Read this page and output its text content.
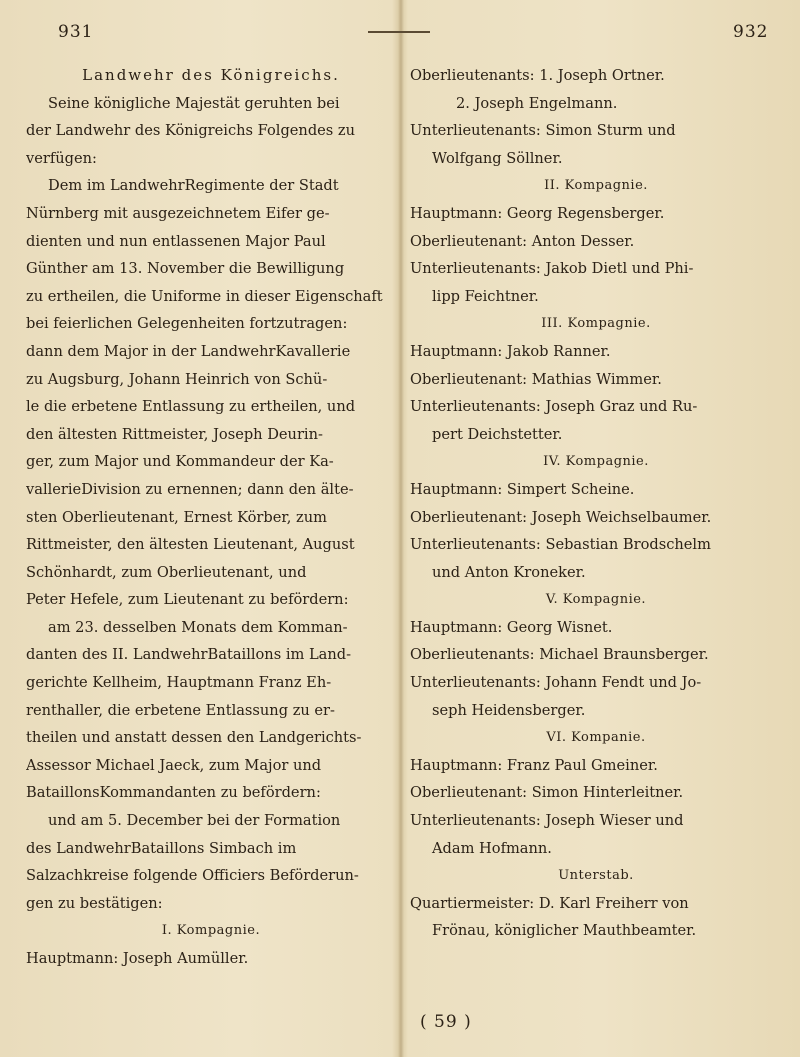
931	932
Landwehr des Königreichs.
Seine königliche Majestät geruhten bei
der Landwehr des Königreichs Folgendes zu
verfügen:
Dem im LandwehrRegimente der Stadt
Nürnberg mit ausgezeichnetem Eifer ge-
dienten und nun entlassenen Major Paul
Günther am 13. November die Bewilligung
zu ertheilen, die Uniforme in dieser Eigenschaft
bei feierlichen Gelegenheiten fortzutragen:
dann dem Major in der LandwehrKavallerie
zu Augsburg, Johann Heinrich von Schü-
le die erbetene Entlassung zu ertheilen, und
den ältesten Rittmeister, Joseph Deurin-
ger, zum Major und Kommandeur der Ka-
vallerieDivision zu ernennen; dann den älte-
sten Oberlieutenant, Ernest Körber, zum
Rittmeister, den ältesten Lieutenant, August
Schönhardt, zum Oberlieutenant, und
Peter Hefele, zum Lieutenant zu befördern:
am 23. desselben Monats dem Komman-
danten des II. LandwehrBataillons im Land-
gerichte Kellheim, Hauptmann Franz Eh-
renthaller, die erbetene Entlassung zu er-
theilen und anstatt dessen den Landgerichts-
Assessor Michael Jaeck, zum Major und
BataillonsKommandanten zu befördern:
und am 5. December bei der Formation
des LandwehrBataillons Simbach im
Salzachkreise folgende Officiers Beförderun-
gen zu bestätigen:
I. Kompagnie.
Hauptmann: Joseph Aumüller.
Oberlieutenants: 1. Joseph Ortner.
2. Joseph Engelmann.
Unterlieutenants: Simon Sturm und
Wolfgang Söllner.
II. Kompagnie.
Hauptmann: Georg Regensberger.
Oberlieutenant: Anton Desser.
Unterlieutenants: Jakob Dietl und Phi-
lipp Feichtner.
III. Kompagnie.
Hauptmann: Jakob Ranner.
Oberlieutenant: Mathias Wimmer.
Unterlieutenants: Joseph Graz und Ru-
pert Deichstetter.
IV. Kompagnie.
Hauptmann: Simpert Scheine.
Oberlieutenant: Joseph Weichselbaumer.
Unterlieutenants: Sebastian Brodschelm
und Anton Kroneker.
V. Kompagnie.
Hauptmann: Georg Wisnet.
Oberlieutenants: Michael Braunsberger.
Unterlieutenants: Johann Fendt und Jo-
seph Heidensberger.
VI. Kompanie.
Hauptmann: Franz Paul Gmeiner.
Oberlieutenant: Simon Hinterleitner.
Unterlieutenants: Joseph Wieser und
Adam Hofmann.
Unterstab.
Quartiermeister: D. Karl Freiherr von
Frönau, königlicher Mauthbeamter.
( 59 )
